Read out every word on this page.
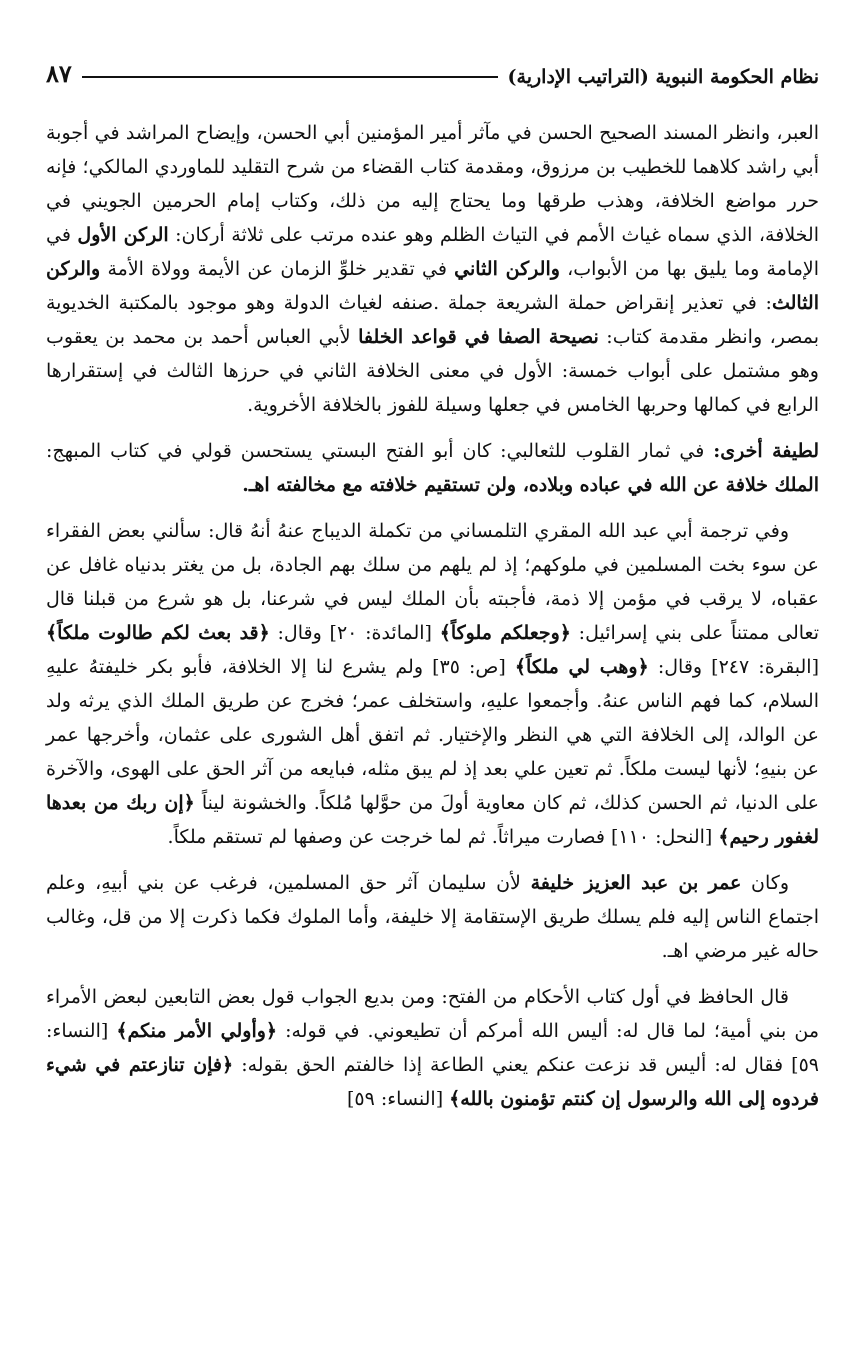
نظام الحكومة النبوية (التراتيب الإدارية)
٨٧

العبر، وانظر المسند الصحيح الحسن في مآثر أمير المؤمنين أبي الحسن، وإيضاح المراشد في أجوبة أبي راشد كلاهما للخطيب بن مرزوق، ومقدمة كتاب القضاء من شرح التقليد للماوردي المالكي؛ فإنه حرر مواضع الخلافة، وهذب طرقها وما يحتاج إليه من ذلك، وكتاب إمام الحرمين الجويني في الخلافة، الذي سماه غياث الأمم في التياث الظلم وهو عنده مرتب على ثلاثة أركان: الركن الأول في الإمامة وما يليق بها من الأبواب، والركن الثاني في تقدير خلوِّ الزمان عن الأيمة وولاة الأمة والركن الثالث: في تعذير إنقراض حملة الشريعة جملة .صنفه لغياث الدولة وهو موجود بالمكتبة الخديوية بمصر، وانظر مقدمة كتاب: نصيحة الصفا في قواعد الخلفا لأبي العباس أحمد بن محمد بن يعقوب وهو مشتمل على أبواب خمسة: الأول في معنى الخلافة الثاني في حرزها الثالث في إستقرارها الرابع في كمالها وحربها الخامس في جعلها وسيلة للفوز بالخلافة الأخروية.

لطيفة أخرى: في ثمار القلوب للثعالبي: كان أبو الفتح البستي يستحسن قولي في كتاب المبهج: الملك خلافة عن الله في عباده وبلاده، ولن تستقيم خلافته مع مخالفته اهـ.

وفي ترجمة أبي عبد الله المقري التلمساني من تكملة الديباج عنهُ أنهُ قال: سألني بعض الفقراء عن سوء بخت المسلمين في ملوكهم؛ إذ لم يلهم من سلك بهم الجادة، بل من يغتر بدنياه غافل عن عقباه، لا يرقب في مؤمن إلا ذمة، فأجبته بأن الملك ليس في شرعنا، بل هو شرع من قبلنا قال تعالى ممتناً على بني إسرائيل: ﴿وجعلكم ملوكاً﴾ [المائدة: ٢٠] وقال: ﴿قد بعث لكم طالوت ملكاً﴾ [البقرة: ٢٤٧] وقال: ﴿وهب لي ملكاً﴾ [ص: ٣٥] ولم يشرع لنا إلا الخلافة، فأبو بكر خليفتهُ عليهِ السلام، كما فهم الناس عنهُ. وأجمعوا عليهِ، واستخلف عمر؛ فخرج عن طريق الملك الذي يرثه ولد عن الوالد، إلى الخلافة التي هي النظر والإختيار. ثم اتفق أهل الشورى على عثمان، وأخرجها عمر عن بنيهِ؛ لأنها ليست ملكاً. ثم تعين علي بعد إذ لم يبق مثله، فبايعه من آثر الحق على الهوى، والآخرة على الدنيا، ثم الحسن كذلك، ثم كان معاوية أولَ من حوَّلها مُلكاً. والخشونة ليناً ﴿إن ربك من بعدها لغفور رحيم﴾ [النحل: ١١٠] فصارت ميراثاً. ثم لما خرجت عن وصفها لم تستقم ملكاً.

وكان عمر بن عبد العزيز خليفة لأن سليمان آثر حق المسلمين، فرغب عن بني أبيهِ، وعلم اجتماع الناس إليه فلم يسلك طريق الإستقامة إلا خليفة، وأما الملوك فكما ذكرت إلا من قل، وغالب حاله غير مرضي اهـ.

قال الحافظ في أول كتاب الأحكام من الفتح: ومن بديع الجواب قول بعض التابعين لبعض الأمراء من بني أمية؛ لما قال له: أليس الله أمركم أن تطيعوني. في قوله: ﴿وأولي الأمر منكم﴾ [النساء: ٥٩] فقال له: أليس قد نزعت عنكم يعني الطاعة إذا خالفتم الحق بقوله: ﴿فإن تنازعتم في شيء فردوه إلى الله والرسول إن كنتم تؤمنون بالله﴾ [النساء: ٥٩]
